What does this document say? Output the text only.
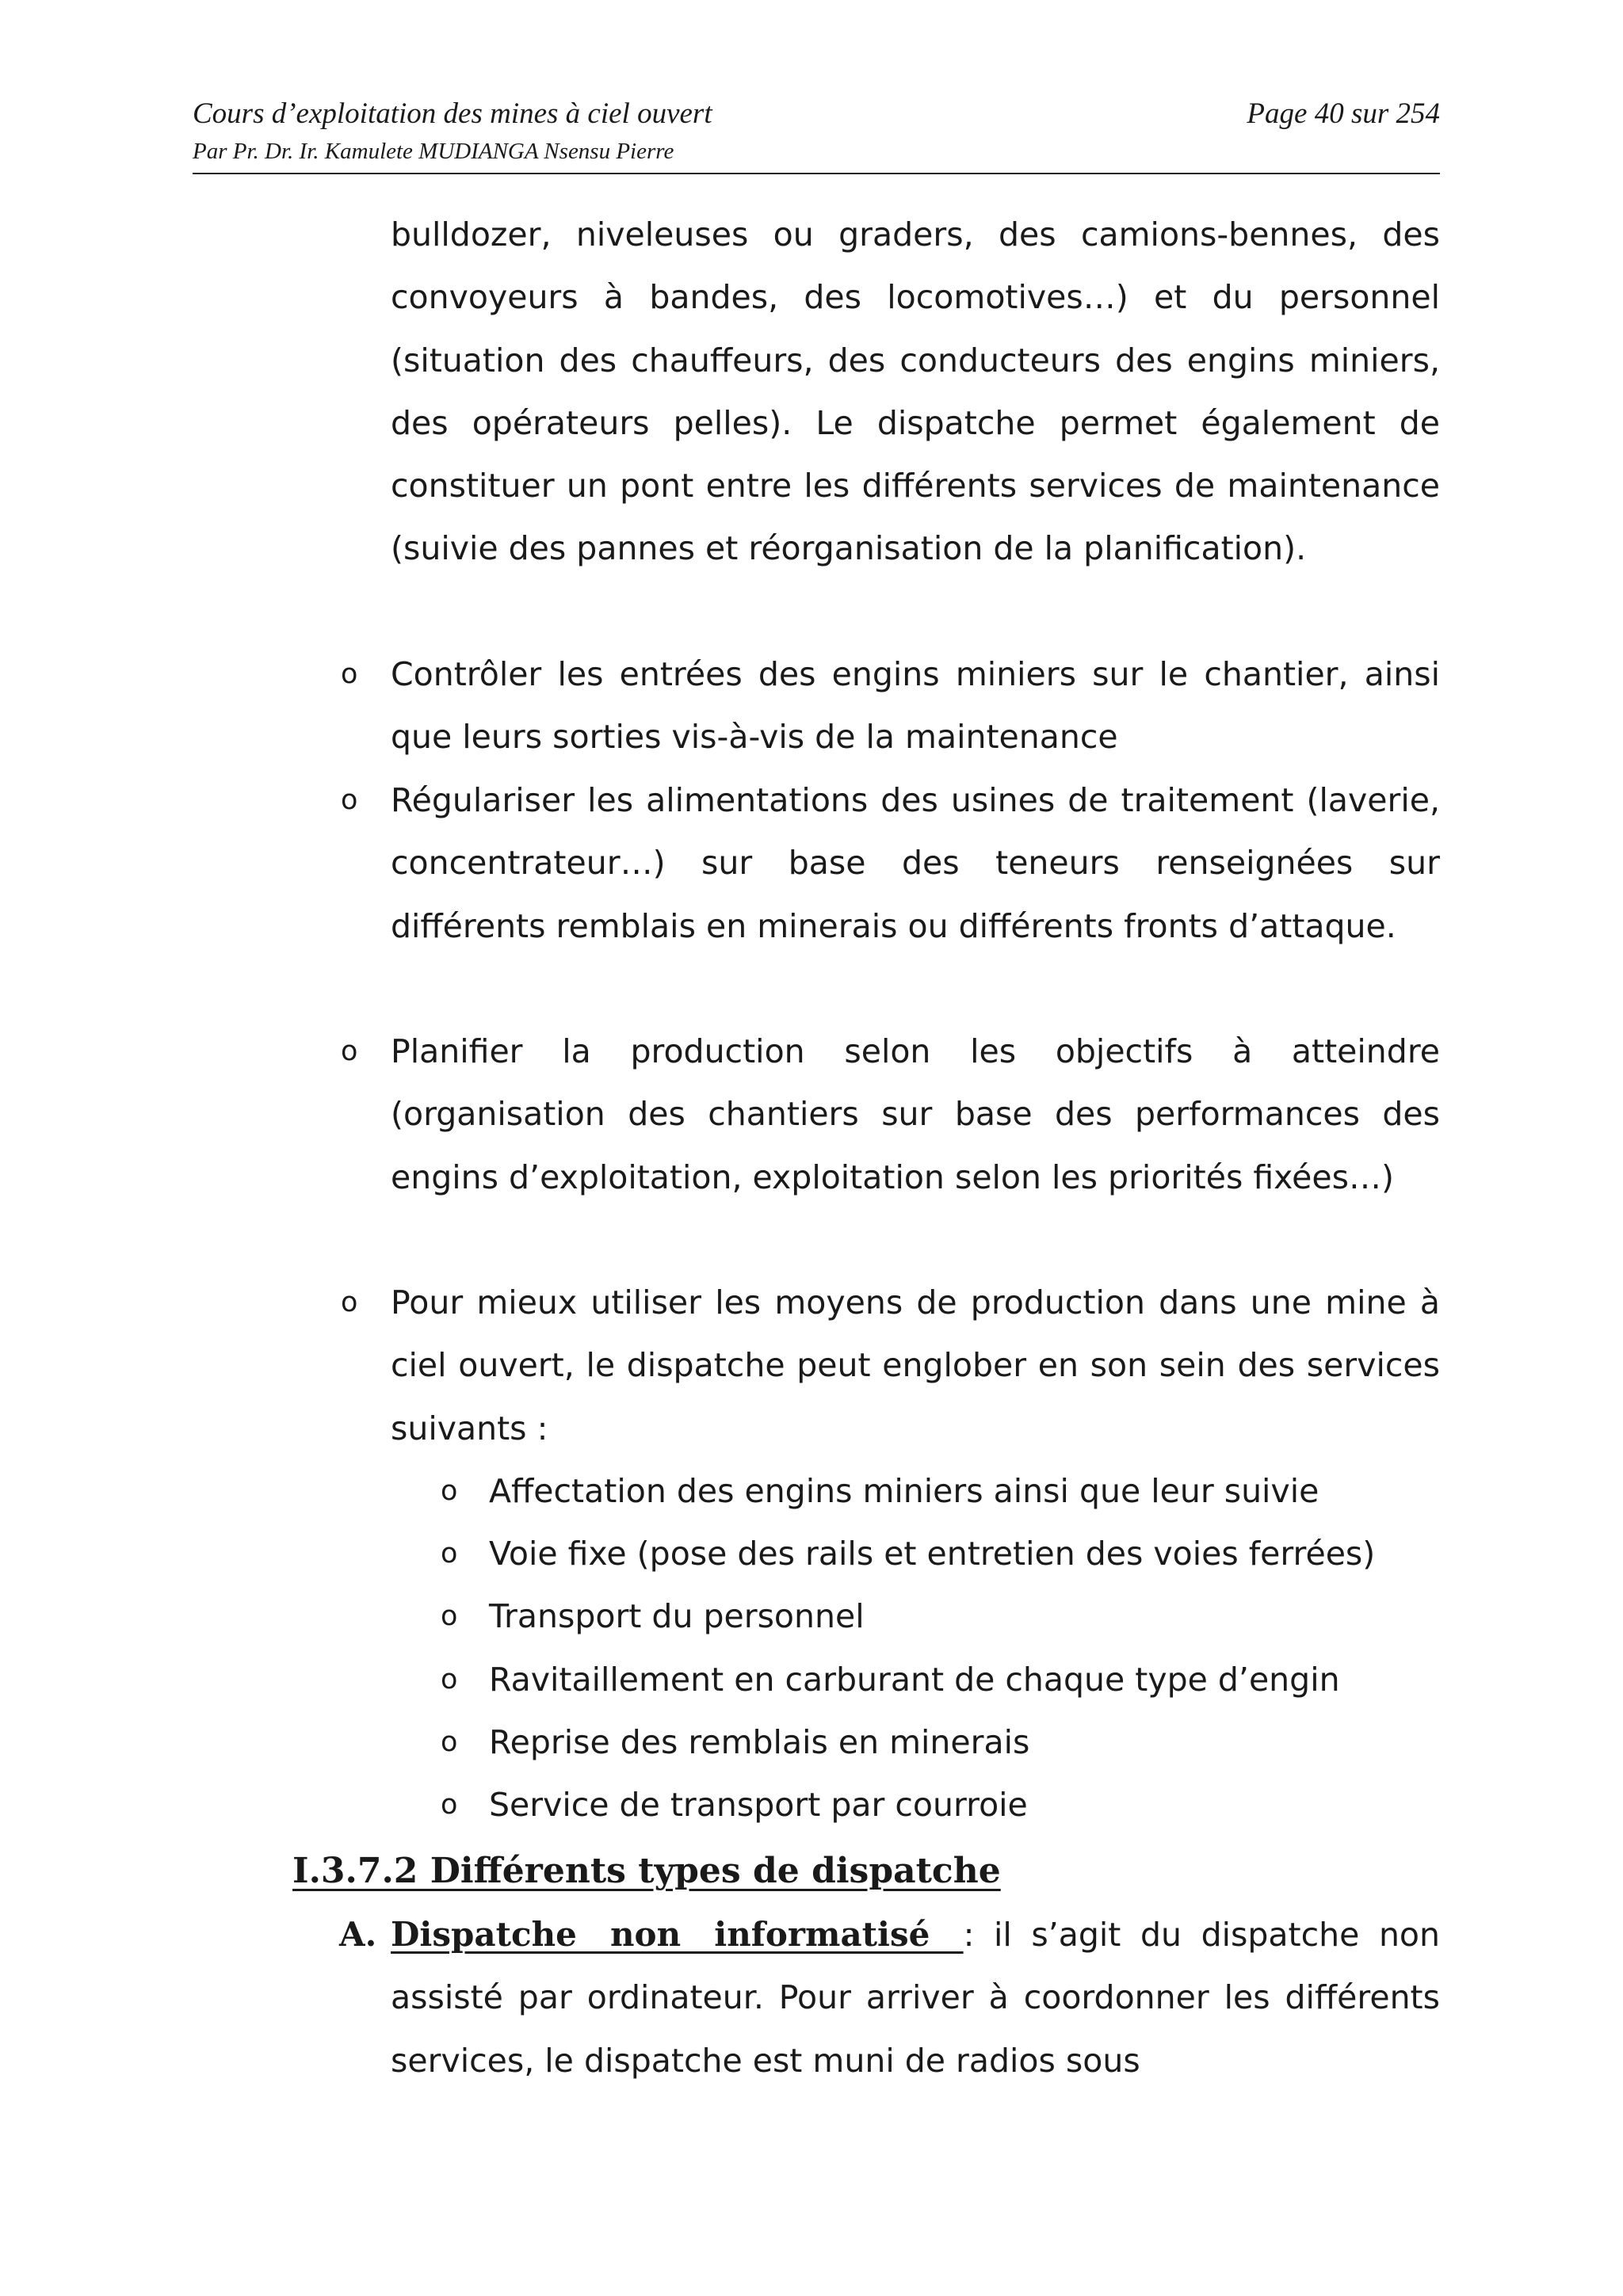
Cours d’exploitation des mines à ciel ouvert	Page 40 sur 254
Par Pr. Dr. Ir. Kamulete MUDIANGA Nsensu Pierre

bulldozer, niveleuses ou graders, des camions-bennes, des convoyeurs à bandes, des locomotives…) et du personnel (situation des chauffeurs, des conducteurs des engins miniers, des opérateurs pelles). Le dispatche permet également de constituer un pont entre les différents services de maintenance (suivie des pannes et réorganisation de la planification).

o Contrôler les entrées des engins miniers sur le chantier, ainsi que leurs sorties vis-à-vis de la maintenance

o Régulariser les alimentations des usines de traitement (laverie, concentrateur…) sur base des teneurs renseignées sur différents remblais en minerais ou différents fronts d’attaque.

o Planifier la production selon les objectifs à atteindre (organisation des chantiers sur base des performances des engins d’exploitation, exploitation selon les priorités fixées…)

o Pour mieux utiliser les moyens de production dans une mine à ciel ouvert, le dispatche peut englober en son sein des services suivants :

o Affectation des engins miniers ainsi que leur suivie

o Voie fixe (pose des rails et entretien des voies ferrées)

o Transport du personnel

o Ravitaillement en carburant de chaque type d’engin

o Reprise des remblais en minerais

o Service de transport par courroie

I.3.7.2 Différents types de dispatche
A. Dispatche non informatisé : il s’agit du dispatche non assisté par ordinateur. Pour arriver à coordonner les différents services, le dispatche est muni de radios sous
